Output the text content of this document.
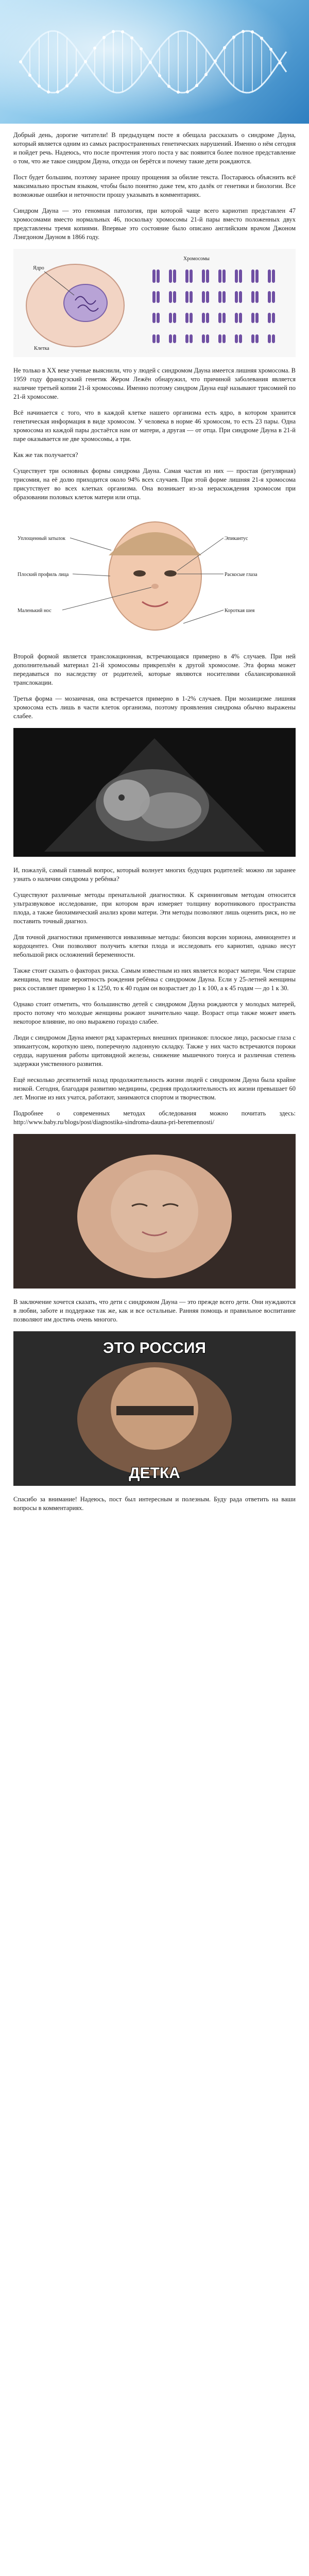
Добрый день, дорогие читатели! В предыдущем посте я обещала рассказать о синдроме Дауна, который является одним из самых распространенных генетических нарушений. Именно о нём сегодня и пойдет речь. Надеюсь, что после прочтения этого поста у вас появится более полное представление о том, что же такое синдром Дауна, откуда он берётся и почему такие дети рождаются.

Пост будет большим, поэтому заранее прошу прощения за обилие текста. Постараюсь объяснить всё максимально простым языком, чтобы было понятно даже тем, кто далёк от генетики и биологии. Все возможные ошибки и неточности прошу указывать в комментариях.

Синдром Дауна — это геномная патология, при которой чаще всего кариотип представлен 47 хромосомами вместо нормальных 46, поскольку хромосомы 21-й пары вместо положенных двух представлены тремя копиями. Впервые это состояние было описано английским врачом Джоном Лэнгдоном Дауном в 1866 году.

Ядро
Клетка
Хромосомы

Не только в XX веке ученые выяснили, что у людей с синдромом Дауна имеется лишняя хромосома. В 1959 году французский генетик Жером Лежён обнаружил, что причиной заболевания является наличие третьей копии 21-й хромосомы. Именно поэтому синдром Дауна ещё называют трисомией по 21-й хромосоме.

Всё начинается с того, что в каждой клетке нашего организма есть ядро, в котором хранится генетическая информация в виде хромосом. У человека в норме 46 хромосом, то есть 23 пары. Одна хромосома из каждой пары достаётся нам от матери, а другая — от отца. При синдроме Дауна в 21-й паре оказывается не две хромосомы, а три.

Как же так получается?

Существует три основных формы синдрома Дауна. Самая частая из них — простая (регулярная) трисомия, на её долю приходится около 94% всех случаев. При этой форме лишняя 21-я хромосома присутствует во всех клетках организма. Она возникает из-за нерасхождения хромосом при образовании половых клеток матери или отца.

Уплощенный затылок
Плоский профиль лица
Маленький нос
Эпикантус
Раскосые глаза
Короткая шея

Второй формой является транслокационная, встречающаяся примерно в 4% случаев. При ней дополнительный материал 21-й хромосомы прикреплён к другой хромосоме. Эта форма может передаваться по наследству от родителей, которые являются носителями сбалансированной транслокации.

Третья форма — мозаичная, она встречается примерно в 1-2% случаев. При мозаицизме лишняя хромосома есть лишь в части клеток организма, поэтому проявления синдрома обычно выражены слабее.

И, пожалуй, самый главный вопрос, который волнует многих будущих родителей: можно ли заранее узнать о наличии синдрома у ребёнка?

Существуют различные методы пренатальной диагностики. К скрининговым методам относится ультразвуковое исследование, при котором врач измеряет толщину воротникового пространства плода, а также биохимический анализ крови матери. Эти методы позволяют лишь оценить риск, но не поставить точный диагноз.

Для точной диагностики применяются инвазивные методы: биопсия ворсин хориона, амниоцентез и кордоцентез. Они позволяют получить клетки плода и исследовать его кариотип, однако несут небольшой риск осложнений беременности.

Также стоит сказать о факторах риска. Самым известным из них является возраст матери. Чем старше женщина, тем выше вероятность рождения ребёнка с синдромом Дауна. Если у 25-летней женщины риск составляет примерно 1 к 1250, то к 40 годам он возрастает до 1 к 100, а к 45 годам — до 1 к 30.

Однако стоит отметить, что большинство детей с синдромом Дауна рождаются у молодых матерей, просто потому что молодые женщины рожают значительно чаще. Возраст отца также может иметь некоторое влияние, но оно выражено гораздо слабее.

Люди с синдромом Дауна имеют ряд характерных внешних признаков: плоское лицо, раскосые глаза с эпикантусом, короткую шею, поперечную ладонную складку. Также у них часто встречаются пороки сердца, нарушения работы щитовидной железы, снижение мышечного тонуса и различная степень задержки умственного развития.

Ещё несколько десятилетий назад продолжительность жизни людей с синдромом Дауна была крайне низкой. Сегодня, благодаря развитию медицины, средняя продолжительность их жизни превышает 60 лет. Многие из них учатся, работают, занимаются спортом и творчеством.

Подробнее о современных методах обследования можно почитать здесь: http://www.baby.ru/blogs/post/diagnostika-sindroma-dauna-pri-beremennosti/

В заключение хочется сказать, что дети с синдромом Дауна — это прежде всего дети. Они нуждаются в любви, заботе и поддержке так же, как и все остальные. Ранняя помощь и правильное воспитание позволяют им достичь очень многого.

ЭТО РОССИЯ
ДЕТКА

Спасибо за внимание! Надеюсь, пост был интересным и полезным. Буду рада ответить на ваши вопросы в комментариях.
